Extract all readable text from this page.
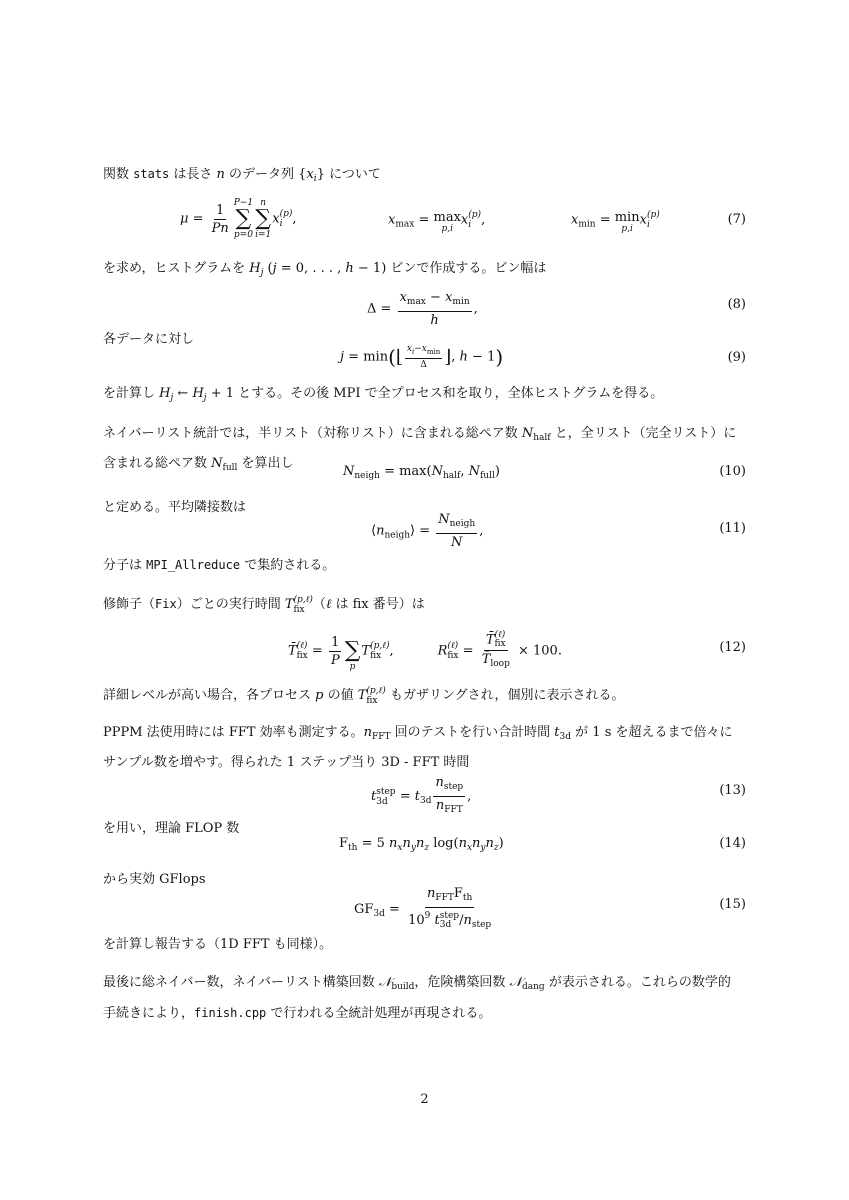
関数 stats は長さ n のデータ列 $\{x_i\}$ について
$\mu = \frac{1}{Pn} P-1$
∑
p=0
n
∑
i=1
x (p)
i ,	$x_{max} = \max$
p,i
x (p)
i ,	$x_{min} = \min$
p,i
x (p)
i	(7)
を求め，ヒストグラムを $H_j$ (j = 0, . . . , h − 1) ビンで作成する。ビン幅は
$\Delta = \frac{x_{max} - x_{min}}{h}$ ,	(8)
各データに対し
j = min(⌊ $\frac{x_i-x_{min}}{\Delta}$ ⌋, h − 1)	(9)
を計算し $H_j$ ← $H_j + 1$ とする。その後 MPI で全プロセス和を取り，全体ヒストグラムを得る。
ネイバーリスト統計では，半リスト（対称リスト）に含まれる総ペア数 $N_{half}$ と，全リスト（完全リスト）に
含まれる総ペア数 $N_{full}$ を算出し
$N_{neigh} = \max(N_{half}$, $N_{full}$)	(10)
と定める。平均隣接数は
$⟨n_{neigh}⟩ = \frac{N_{neigh}}{N}$ ,	(11)
分子は MPI_Allreduce で集約される。
修飾子（Fix）ごとの実行時間 T (p,ℓ)
fix （ℓ は fix 番号）は
T̄ (ℓ)
fix = $\frac{1}{P}$
∑
p
T (p,ℓ)
fix ,	R (ℓ)
fix = T̄ (ℓ)
fix
$T̄_{loop} \times 100$.	(12)
詳細レベルが高い場合，各プロセス p の値 T (p,ℓ)
fix もガザリングされ，個別に表示される。
PPPM 法使用時には FFT 効率も測定する。$n_{FFT}$ 回のテストを行い合計時間 $t_{3d}$ が 1 s を超えるまで倍々に
サンプル数を増やす。得られた 1 ステップ当り 3D - FFT 時間
t step
$3d = t_{3d} \frac{n_{step}}{n_{FFT}}$ ,	(13)
を用い，理論 FLOP 数
$F_{th} = 5$ $n_xn_yn_z$ $\log(n_xn_yn_z)$	(14)
から実効 GFlops
$GF_{3d} = n_{FFT}F_{th}$
$10^9$ t step
3d $/n_{step}$	(15)
を計算し報告する（1D FFT も同様）。
最後に総ネイバー数，ネイバーリスト構築回数 𝒩$_{build}$，危険構築回数 𝒩$_{dang}$ が表示される。これらの数学的
手続きにより，finish.cpp で行われる全統計処理が再現される。
2
